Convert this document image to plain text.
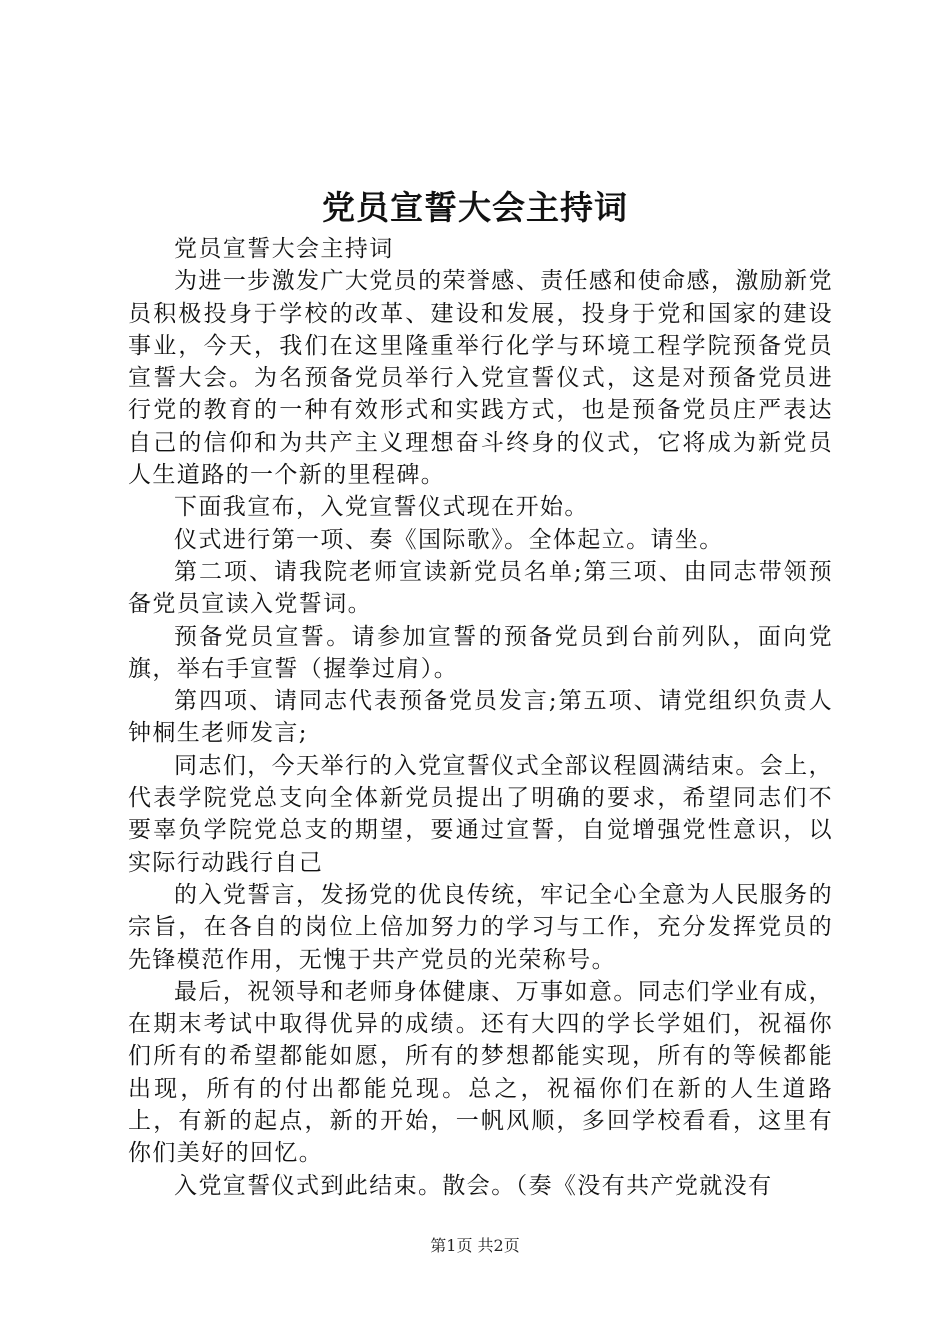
党员宣誓大会主持词

党员宣誓大会主持词

为进一步激发广大党员的荣誉感、责任感和使命感，激励新党员积极投身于学校的改革、建设和发展，投身于党和国家的建设事业，今天，我们在这里隆重举行化学与环境工程学院预备党员宣誓大会。为名预备党员举行入党宣誓仪式，这是对预备党员进行党的教育的一种有效形式和实践方式，也是预备党员庄严表达自己的信仰和为共产主义理想奋斗终身的仪式，它将成为新党员人生道路的一个新的里程碑。

下面我宣布，入党宣誓仪式现在开始。

仪式进行第一项、奏《国际歌》。全体起立。请坐。

第二项、请我院老师宣读新党员名单;第三项、由同志带领预备党员宣读入党誓词。

预备党员宣誓。请参加宣誓的预备党员到台前列队，面向党旗，举右手宣誓（握拳过肩）。

第四项、请同志代表预备党员发言;第五项、请党组织负责人钟桐生老师发言;

同志们，今天举行的入党宣誓仪式全部议程圆满结束。会上，代表学院党总支向全体新党员提出了明确的要求，希望同志们不要辜负学院党总支的期望，要通过宣誓，自觉增强党性意识，以实际行动践行自己

的入党誓言，发扬党的优良传统，牢记全心全意为人民服务的宗旨，在各自的岗位上倍加努力的学习与工作，充分发挥党员的先锋模范作用，无愧于共产党员的光荣称号。

最后，祝领导和老师身体健康、万事如意。同志们学业有成，在期末考试中取得优异的成绩。还有大四的学长学姐们，祝福你们所有的希望都能如愿，所有的梦想都能实现，所有的等候都能出现，所有的付出都能兑现。总之，祝福你们在新的人生道路上，有新的起点，新的开始，一帆风顺，多回学校看看，这里有你们美好的回忆。

入党宣誓仪式到此结束。散会。（奏《没有共产党就没有

第1页 共2页
